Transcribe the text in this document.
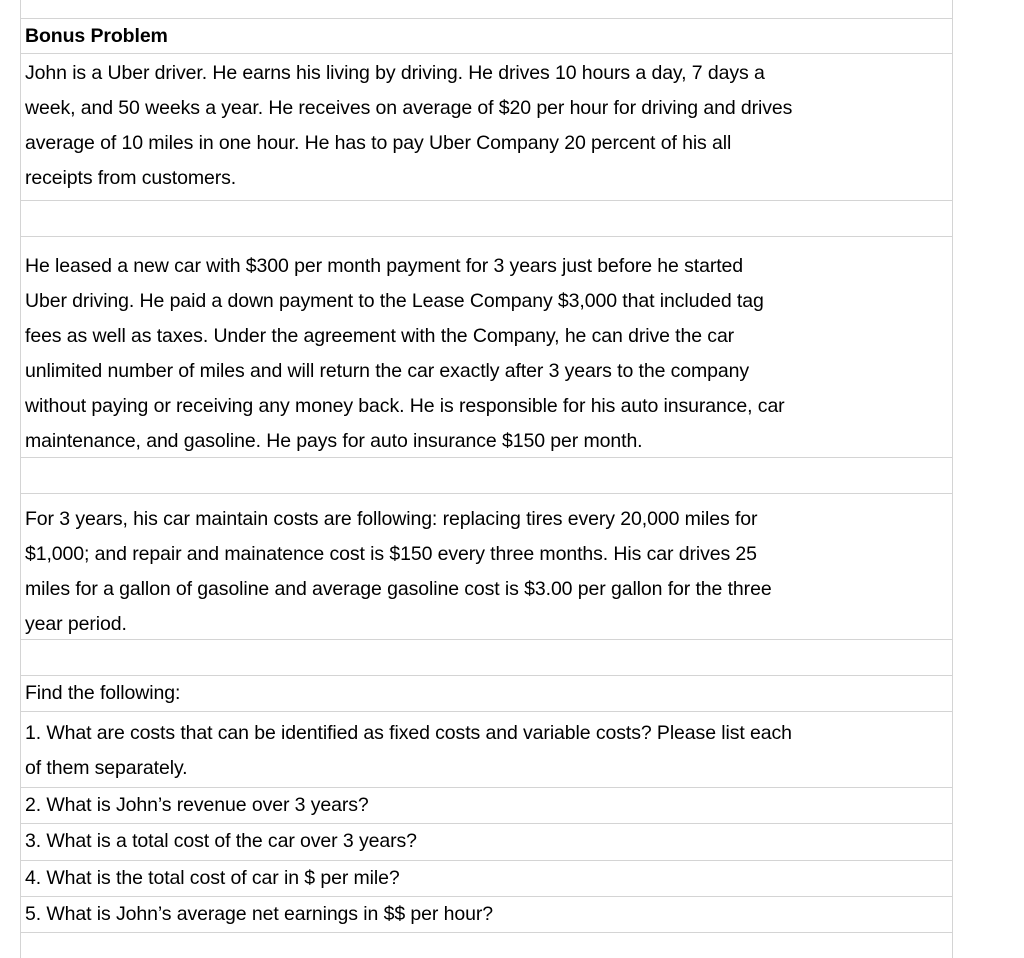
Bonus Problem
John is a Uber driver. He earns his living by driving. He drives 10 hours a day, 7 days a
week, and 50 weeks a year. He receives on average of $20 per hour for driving and drives
average of 10 miles in one hour. He has to pay Uber Company 20 percent of his all
receipts from customers.
He leased a new car with $300 per month payment for 3 years just before he started
Uber driving. He paid a down payment to the Lease Company $3,000 that included tag
fees as well as taxes. Under the agreement with the Company, he can drive the car
unlimited number of miles and will return the car exactly after 3 years to the company
without paying or receiving any money back. He is responsible for his auto insurance, car
maintenance, and gasoline. He pays for auto insurance $150 per month.
For 3 years, his car maintain costs are following: replacing tires every 20,000 miles for
$1,000; and repair and mainatence cost is $150 every three months. His car drives 25
miles for a gallon of gasoline and average gasoline cost is $3.00 per gallon for the three
year period.
Find the following:
1. What are costs that can be identified as fixed costs and variable costs? Please list each
of them separately.
2. What is John’s revenue over 3 years?
3. What is a total cost of the car over 3 years?
4. What is the total cost of car in $ per mile?
5. What is John’s average net earnings in $$ per hour?
